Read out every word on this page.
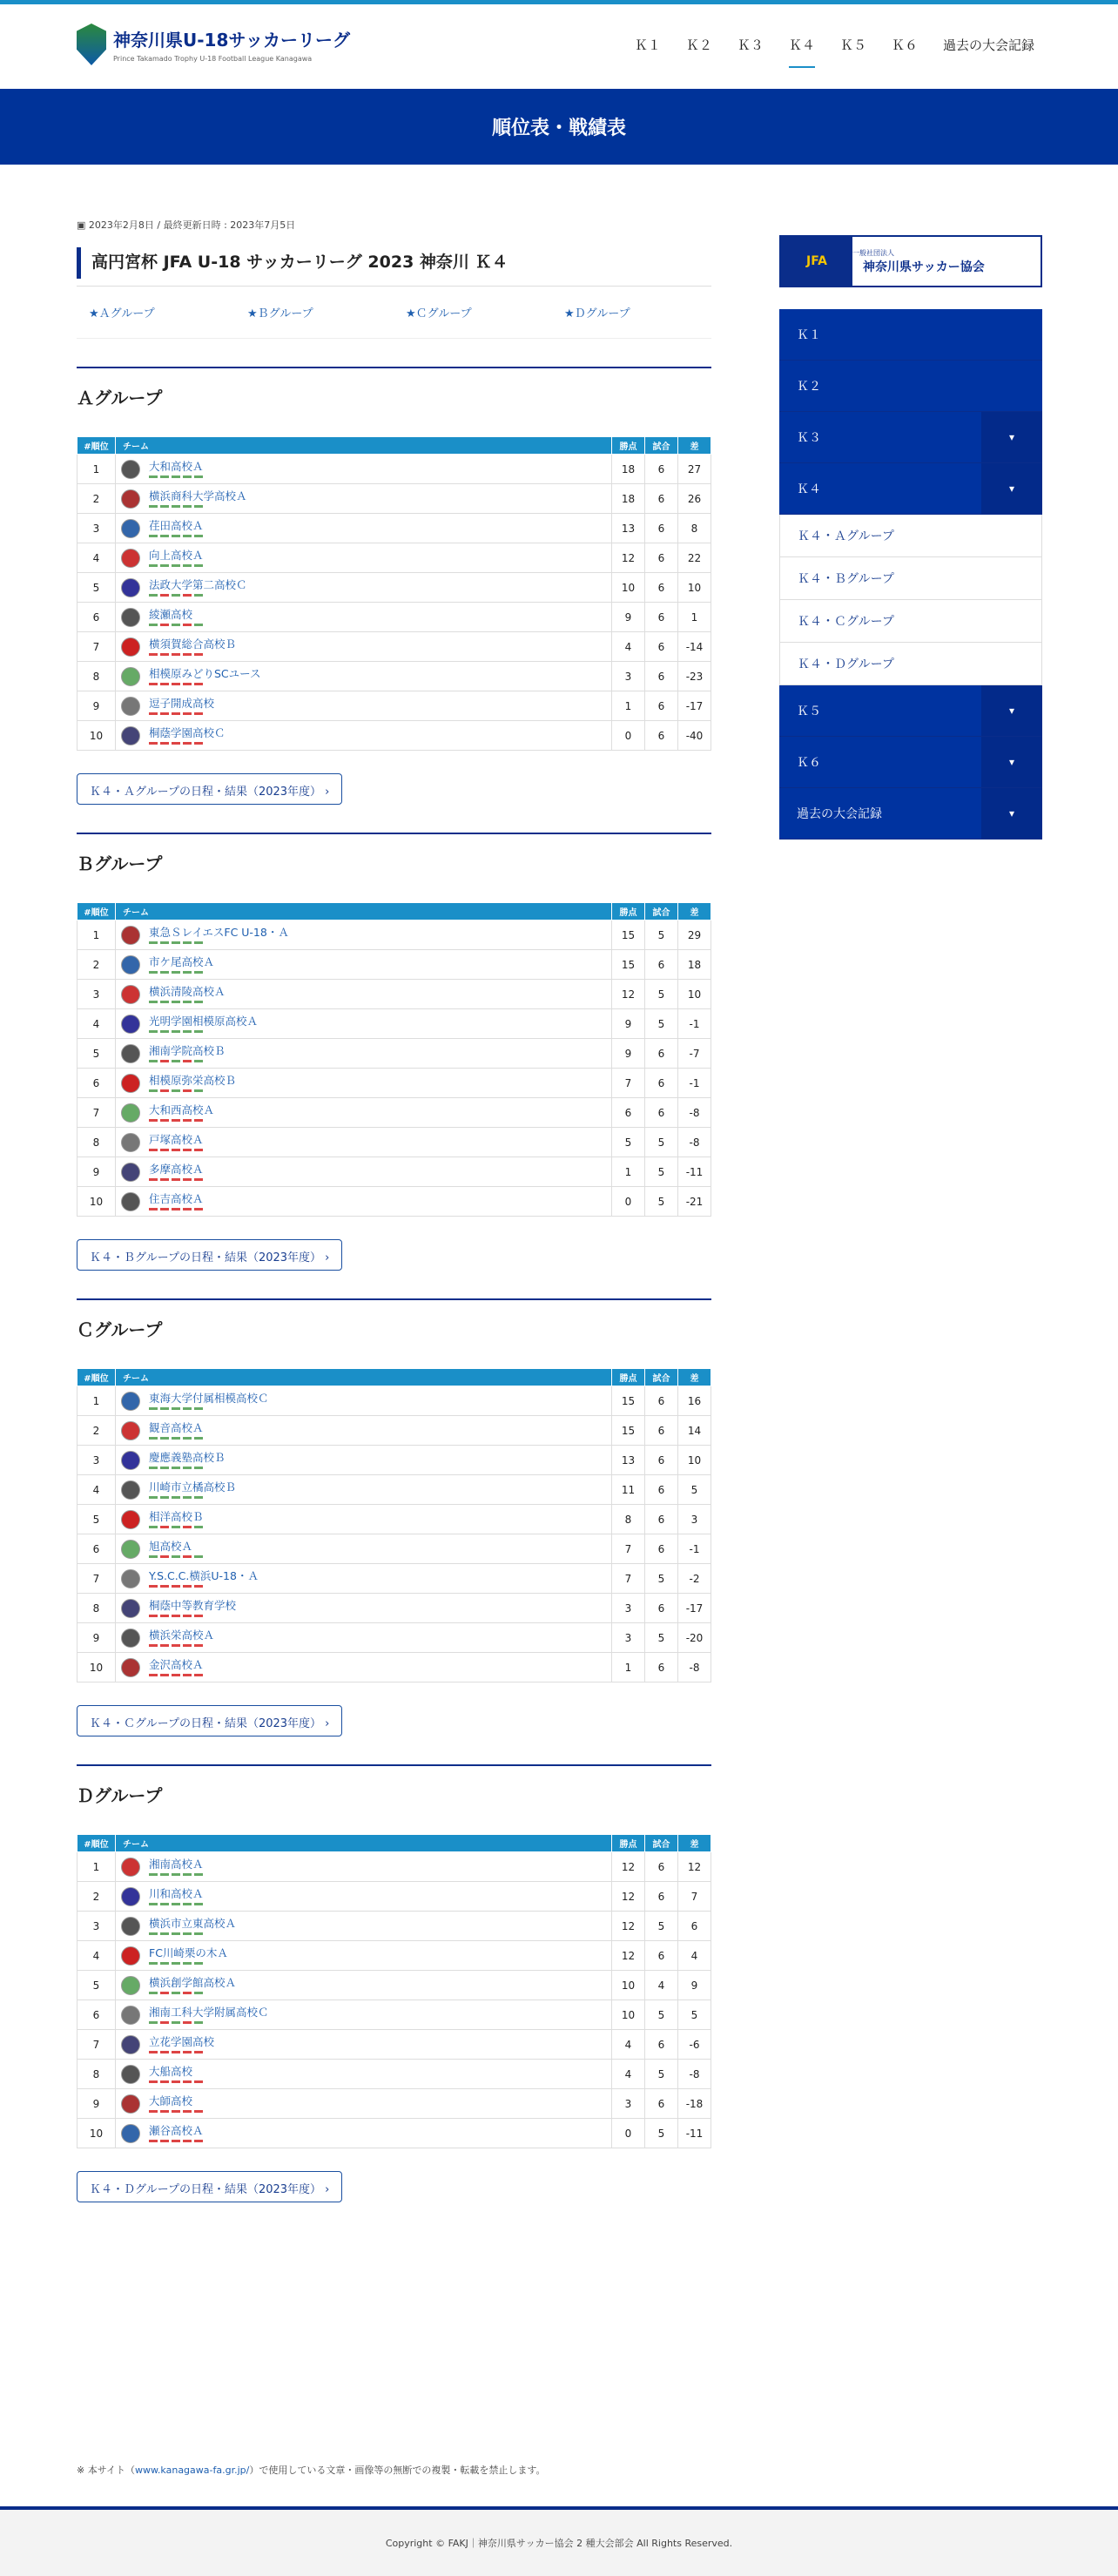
神奈川県U-18サッカーリーグ
Prince Takamado Trophy U-18 Football League Kanagawa
Ｋ１ Ｋ２ Ｋ３ Ｋ４ Ｋ５ Ｋ６ 過去の大会記録
順位表・戦績表
▣ 2023年2月8日 / 最終更新日時 : 2023年7月5日
高円宮杯 JFA U-18 サッカーリーグ 2023 神奈川 Ｋ４
★Ａグループ	★Ｂグループ	★Ｃグループ	★Ｄグループ
Ａグループ
#順位	チーム	勝点	試合	差
1	大和高校Ａ	18	6	27
2	横浜商科大学高校Ａ	18	6	26
3	荏田高校Ａ	13	6	8
4	向上高校Ａ	12	6	22
5	法政大学第二高校Ｃ	10	6	10
6	綾瀬高校	9	6	1
7	横須賀総合高校Ｂ	4	6	-14
8	相模原みどりSCユース	3	6	-23
9	逗子開成高校	1	6	-17
10	桐蔭学園高校Ｃ	0	6	-40
Ｋ４・Ａグループの日程・結果（2023年度） ›
Ｂグループ
#順位	チーム	勝点	試合	差
1	東急ＳレイエスFC U-18・Ａ	15	5	29
2	市ケ尾高校Ａ	15	6	18
3	横浜清陵高校Ａ	12	5	10
4	光明学園相模原高校Ａ	9	5	-1
5	湘南学院高校Ｂ	9	6	-7
6	相模原弥栄高校Ｂ	7	6	-1
7	大和西高校Ａ	6	6	-8
8	戸塚高校Ａ	5	5	-8
9	多摩高校Ａ	1	5	-11
10	住吉高校Ａ	0	5	-21
Ｋ４・Ｂグループの日程・結果（2023年度） ›
Ｃグループ
#順位	チーム	勝点	試合	差
1	東海大学付属相模高校Ｃ	15	6	16
2	観音高校Ａ	15	6	14
3	慶應義塾高校Ｂ	13	6	10
4	川崎市立橘高校Ｂ	11	6	5
5	相洋高校Ｂ	8	6	3
6	旭高校Ａ	7	6	-1
7	Y.S.C.C.横浜U-18・Ａ	7	5	-2
8	桐蔭中等教育学校	3	6	-17
9	横浜栄高校Ａ	3	5	-20
10	金沢高校Ａ	1	6	-8
Ｋ４・Ｃグループの日程・結果（2023年度） ›
Ｄグループ
#順位	チーム	勝点	試合	差
1	湘南高校Ａ	12	6	12
2	川和高校Ａ	12	6	7
3	横浜市立東高校Ａ	12	5	6
4	FC川崎栗の木Ａ	12	6	4
5	横浜創学館高校Ａ	10	4	9
6	湘南工科大学附属高校Ｃ	10	5	5
7	立花学園高校	4	6	-6
8	大船高校	4	5	-8
9	大師高校	3	6	-18
10	瀬谷高校Ａ	0	5	-11
Ｋ４・Ｄグループの日程・結果（2023年度） ›
JFA
一般社団法人
神奈川県サッカー協会
Ｋ１
Ｋ２
Ｋ３	▾
Ｋ４	▾
Ｋ４・Ａグループ
Ｋ４・Ｂグループ
Ｋ４・Ｃグループ
Ｋ４・Ｄグループ
Ｋ５	▾
Ｋ６	▾
過去の大会記録	▾
※ 本サイト（www.kanagawa-fa.gr.jp/）で使用している文章・画像等の無断での複製・転載を禁止します。
Copyright © FAKJ｜神奈川県サッカー協会 2 種大会部会 All Rights Reserved.
